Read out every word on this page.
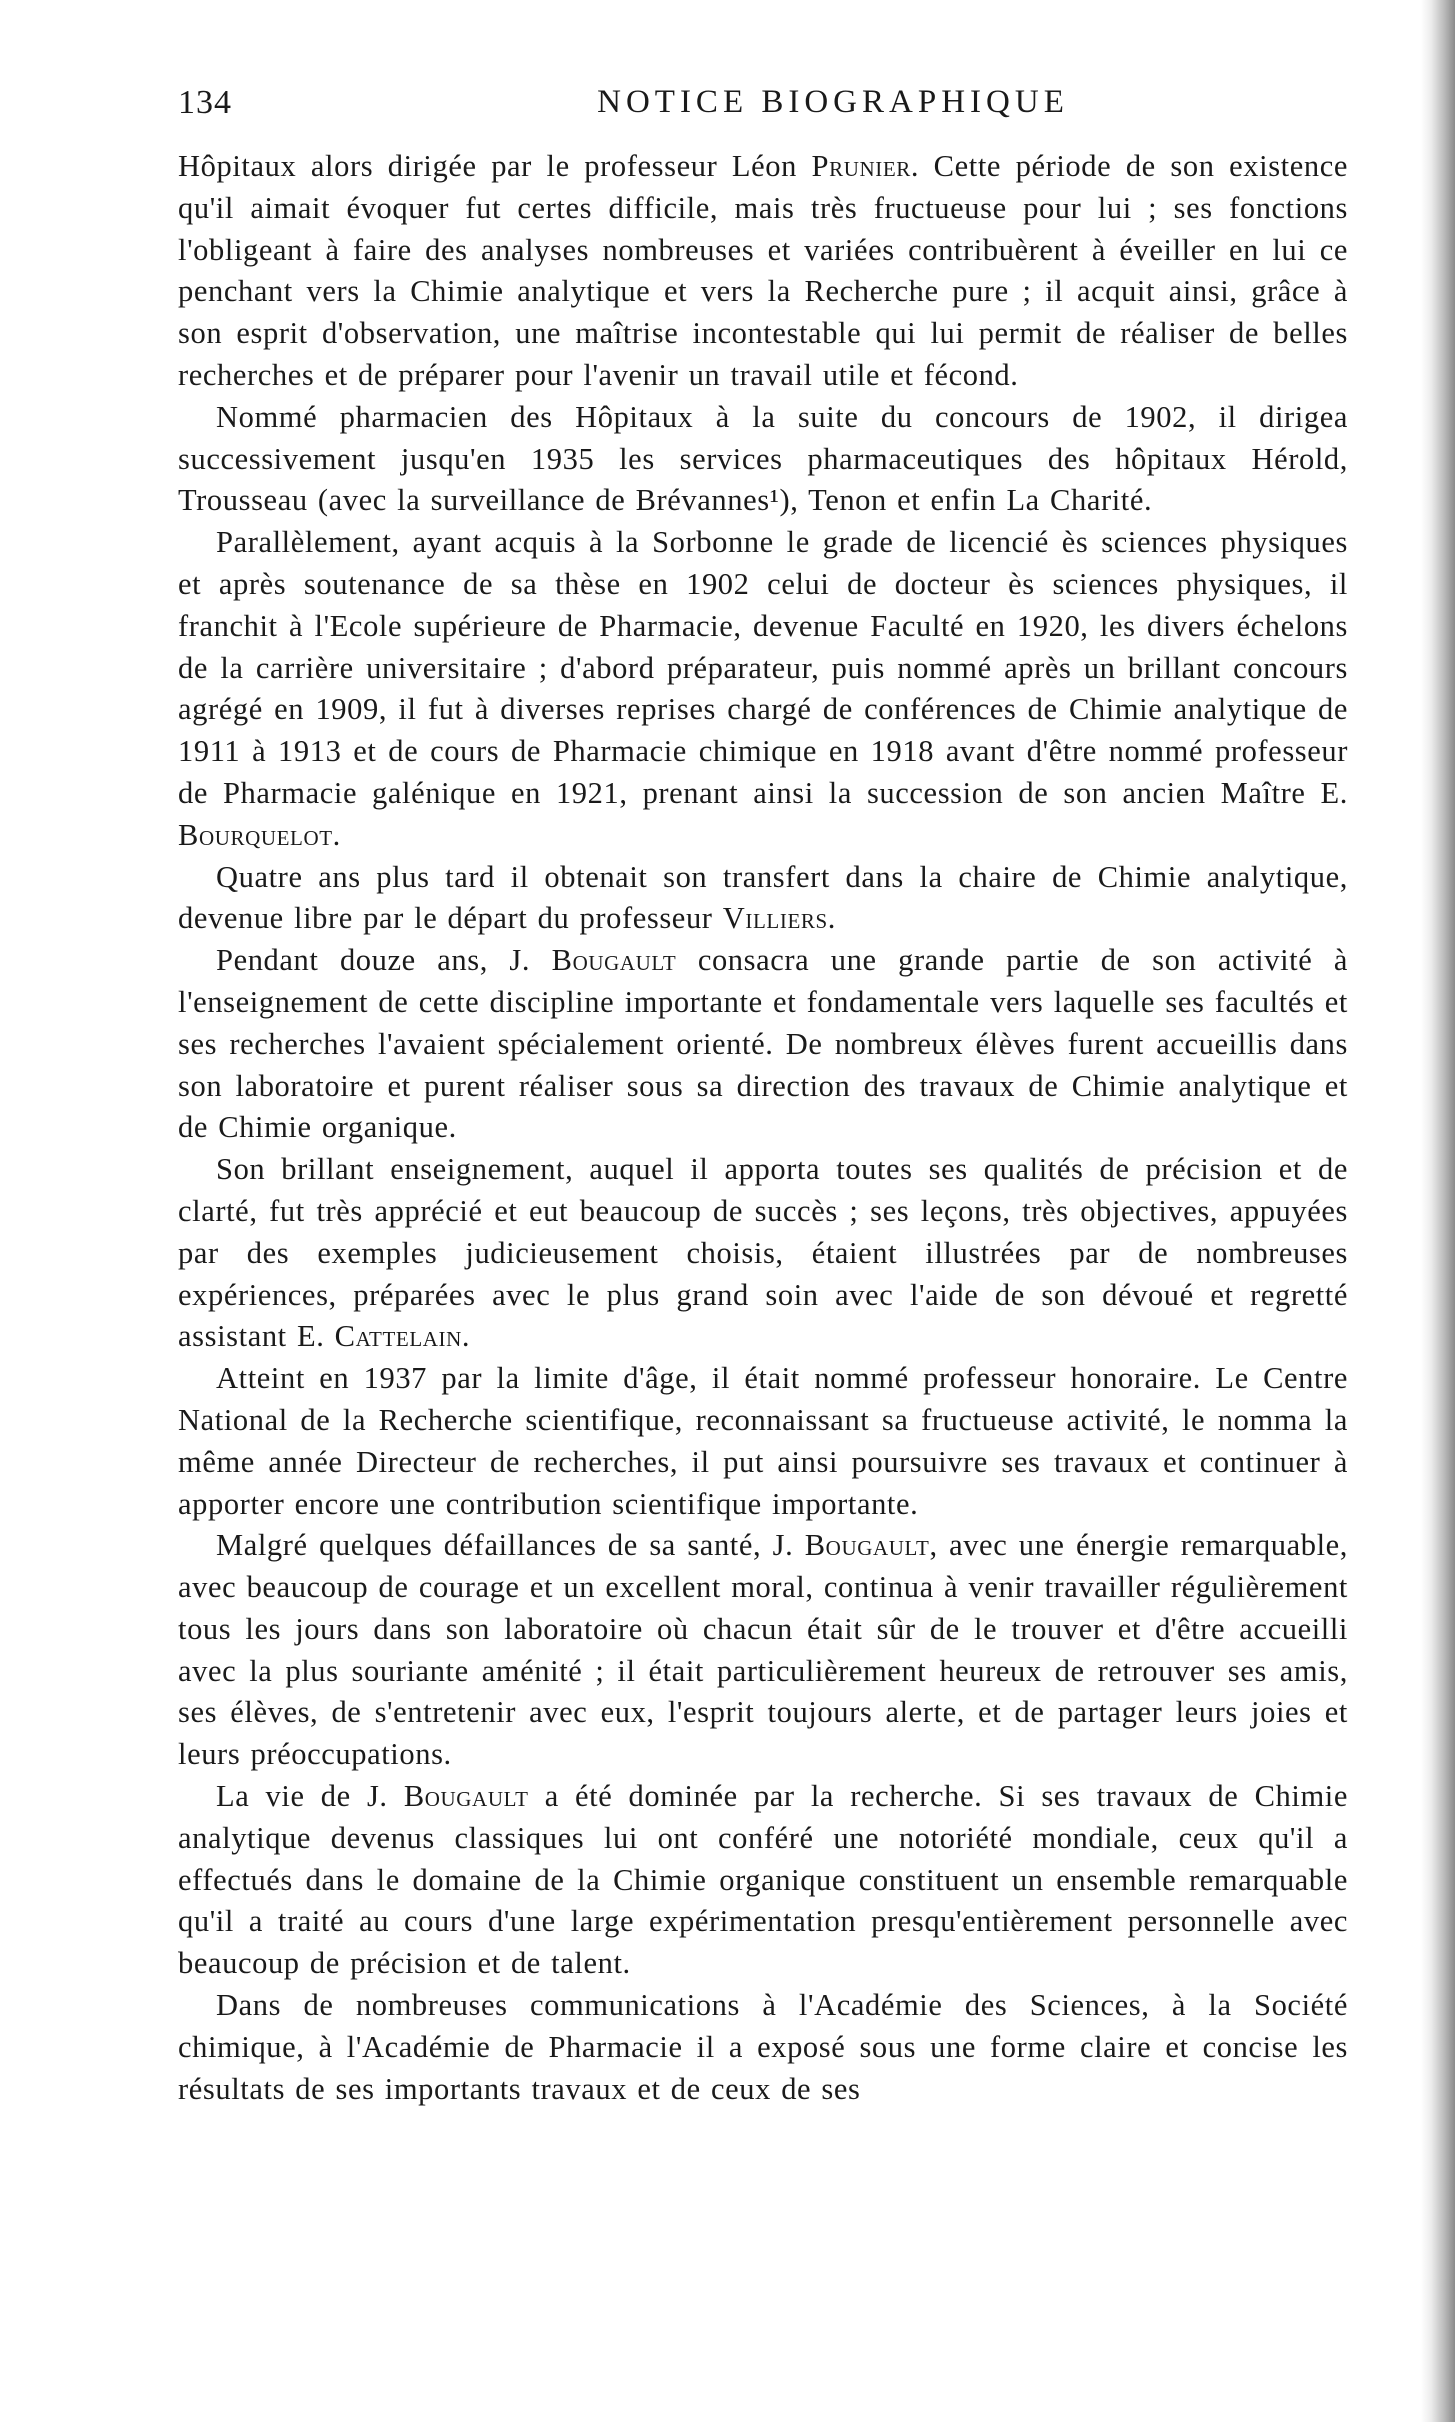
134	NOTICE BIOGRAPHIQUE

Hôpitaux alors dirigée par le professeur Léon Prunier. Cette période de son existence qu'il aimait évoquer fut certes difficile, mais très fructueuse pour lui ; ses fonctions l'obligeant à faire des analyses nombreuses et variées contribuèrent à éveiller en lui ce penchant vers la Chimie analytique et vers la Recherche pure ; il acquit ainsi, grâce à son esprit d'observation, une maîtrise incontestable qui lui permit de réaliser de belles recherches et de préparer pour l'avenir un travail utile et fécond.

Nommé pharmacien des Hôpitaux à la suite du concours de 1902, il dirigea successivement jusqu'en 1935 les services pharmaceutiques des hôpitaux Hérold, Trousseau (avec la surveillance de Brévannes¹), Tenon et enfin La Charité.

Parallèlement, ayant acquis à la Sorbonne le grade de licencié ès sciences physiques et après soutenance de sa thèse en 1902 celui de docteur ès sciences physiques, il franchit à l'Ecole supérieure de Pharmacie, devenue Faculté en 1920, les divers échelons de la carrière universitaire ; d'abord préparateur, puis nommé après un brillant concours agrégé en 1909, il fut à diverses reprises chargé de conférences de Chimie analytique de 1911 à 1913 et de cours de Pharmacie chimique en 1918 avant d'être nommé professeur de Pharmacie galénique en 1921, prenant ainsi la succession de son ancien Maître E. Bourquelot.

Quatre ans plus tard il obtenait son transfert dans la chaire de Chimie analytique, devenue libre par le départ du professeur Villiers.

Pendant douze ans, J. Bougault consacra une grande partie de son activité à l'enseignement de cette discipline importante et fondamentale vers laquelle ses facultés et ses recherches l'avaient spécialement orienté. De nombreux élèves furent accueillis dans son laboratoire et purent réaliser sous sa direction des travaux de Chimie analytique et de Chimie organique.

Son brillant enseignement, auquel il apporta toutes ses qualités de précision et de clarté, fut très apprécié et eut beaucoup de succès ; ses leçons, très objectives, appuyées par des exemples judicieusement choisis, étaient illustrées par de nombreuses expériences, préparées avec le plus grand soin avec l'aide de son dévoué et regretté assistant E. Cattelain.

Atteint en 1937 par la limite d'âge, il était nommé professeur honoraire. Le Centre National de la Recherche scientifique, reconnaissant sa fructueuse activité, le nomma la même année Directeur de recherches, il put ainsi poursuivre ses travaux et continuer à apporter encore une contribution scientifique importante.

Malgré quelques défaillances de sa santé, J. Bougault, avec une énergie remarquable, avec beaucoup de courage et un excellent moral, continua à venir travailler régulièrement tous les jours dans son laboratoire où chacun était sûr de le trouver et d'être accueilli avec la plus souriante aménité ; il était particulièrement heureux de retrouver ses amis, ses élèves, de s'entretenir avec eux, l'esprit toujours alerte, et de partager leurs joies et leurs préoccupations.

La vie de J. Bougault a été dominée par la recherche. Si ses travaux de Chimie analytique devenus classiques lui ont conféré une notoriété mondiale, ceux qu'il a effectués dans le domaine de la Chimie organique constituent un ensemble remarquable qu'il a traité au cours d'une large expérimentation presqu'entièrement personnelle avec beaucoup de précision et de talent.

Dans de nombreuses communications à l'Académie des Sciences, à la Société chimique, à l'Académie de Pharmacie il a exposé sous une forme claire et concise les résultats de ses importants travaux et de ceux de ses
